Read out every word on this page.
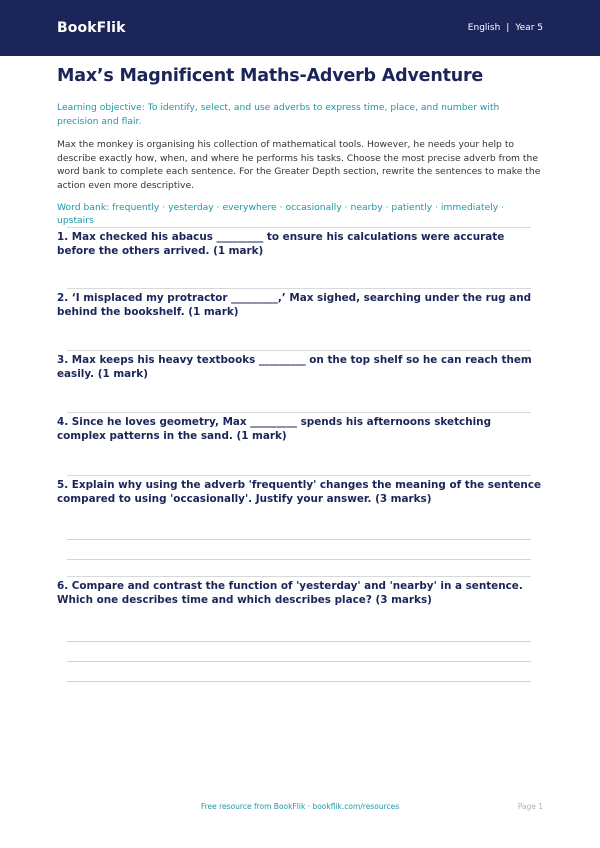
BookFlik	English | Year 5
Max’s Magnificent Maths-Adverb Adventure

Learning objective: To identify, select, and use adverbs to express time, place, and number with precision and flair.

Max the monkey is organising his collection of mathematical tools. However, he needs your help to describe exactly how, when, and where he performs his tasks. Choose the most precise adverb from the word bank to complete each sentence. For the Greater Depth section, rewrite the sentences to make the action even more descriptive.

Word bank: frequently · yesterday · everywhere · occasionally · nearby · patiently · immediately · upstairs

1. Max checked his abacus _________ to ensure his calculations were accurate before the others arrived. (1 mark)

2. ‘I misplaced my protractor _________,’ Max sighed, searching under the rug and behind the bookshelf. (1 mark)

3. Max keeps his heavy textbooks _________ on the top shelf so he can reach them easily. (1 mark)

4. Since he loves geometry, Max _________ spends his afternoons sketching complex patterns in the sand. (1 mark)

5. Explain why using the adverb 'frequently' changes the meaning of the sentence compared to using 'occasionally'. Justify your answer. (3 marks)

6. Compare and contrast the function of 'yesterday' and 'nearby' in a sentence. Which one describes time and which describes place? (3 marks)

Free resource from BookFlik · bookflik.com/resources	Page 1
